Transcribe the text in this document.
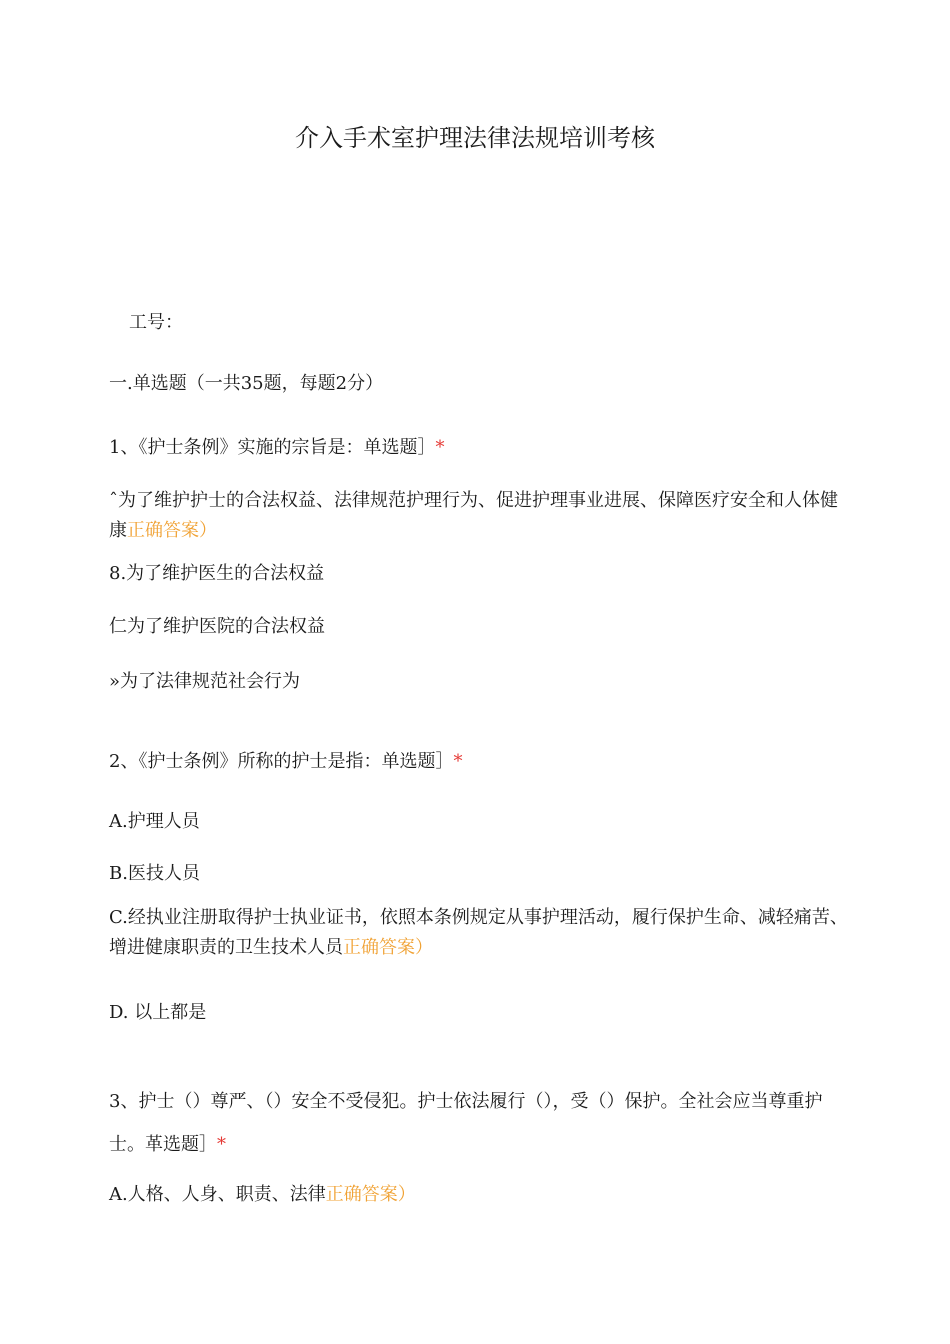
介入手术室护理法律法规培训考核
工号：
一.单选题（一共35题，每题2分）
1、《护士条例》实施的宗旨是：单选题］*
ˆ为了维护护士的合法权益、法律规范护理行为、促进护理事业进展、保障医疗安全和人体健康正确答案）
8.为了维护医生的合法权益
仁为了维护医院的合法权益
»为了法律规范社会行为
2、《护士条例》所称的护士是指：单选题］*
A.护理人员
B.医技人员
C.经执业注册取得护士执业证书，依照本条例规定从事护理活动，履行保护生命、减轻痛苦、增进健康职责的卫生技术人员正确答案）
D. 以上都是
3、护士（）尊严、（）安全不受侵犯。护士依法履行（），受（）保护。全社会应当尊重护士。革选题］*
A.人格、人身、职责、法律正确答案）
